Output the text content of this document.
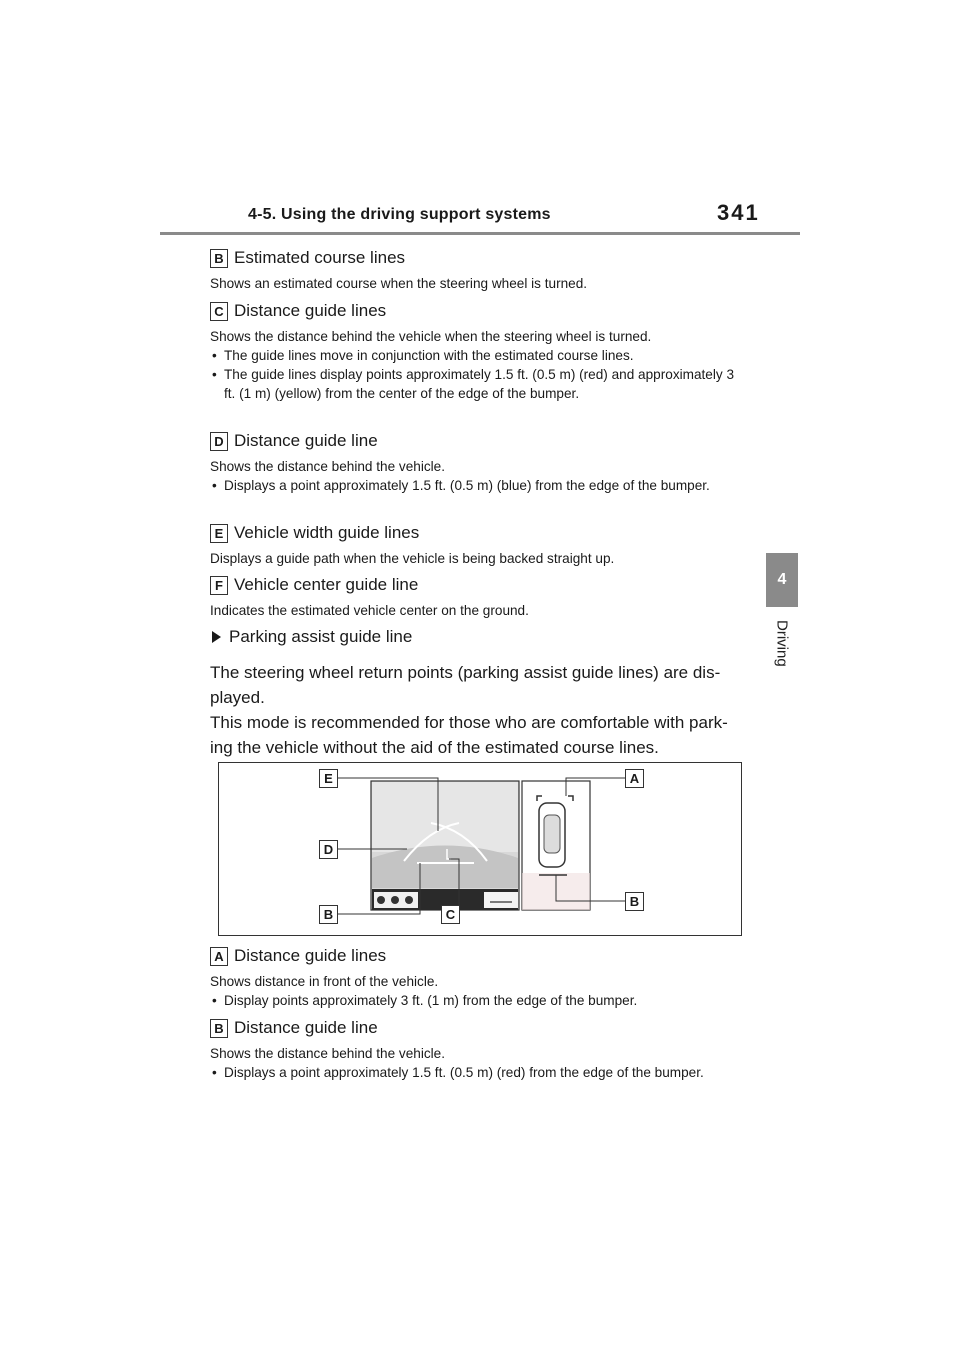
4-5. Using the driving support systems	341
4
Driving
B Estimated course lines
Shows an estimated course when the steering wheel is turned.
C Distance guide lines
Shows the distance behind the vehicle when the steering wheel is turned.
• The guide lines move in conjunction with the estimated course lines.
• The guide lines display points approximately 1.5 ft. (0.5 m) (red) and approximately 3 ft. (1 m) (yellow) from the center of the edge of the bumper.
D Distance guide line
Shows the distance behind the vehicle.
• Displays a point approximately 1.5 ft. (0.5 m) (blue) from the edge of the bumper.
E Vehicle width guide lines
Displays a guide path when the vehicle is being backed straight up.
F Vehicle center guide line
Indicates the estimated vehicle center on the ground.
Parking assist guide line
The steering wheel return points (parking assist guide lines) are dis-
played.
This mode is recommended for those who are comfortable with park-
ing the vehicle without the aid of the estimated course lines.
E	A
D
B	C
B
A Distance guide lines
Shows distance in front of the vehicle.
• Display points approximately 3 ft. (1 m) from the edge of the bumper.
B Distance guide line
Shows the distance behind the vehicle.
• Displays a point approximately 1.5 ft. (0.5 m) (red) from the edge of the bumper.
